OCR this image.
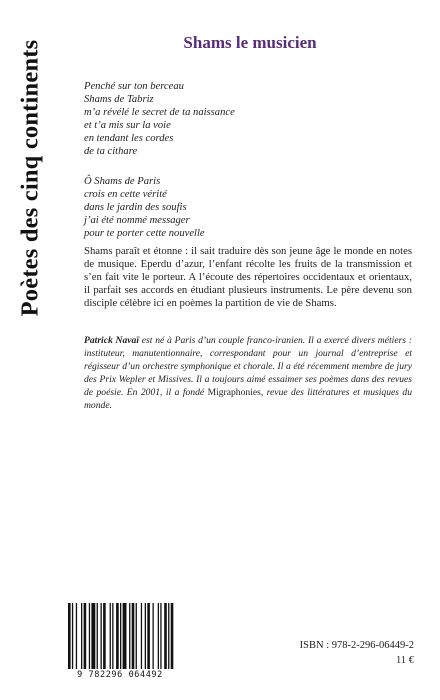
Poètes des cinq continents	Shams le musicien
Penché sur ton berceau
Shams de Tabriz
m’a révélé le secret de ta naissance
et t’a mis sur la voie
en tendant les cordes
de ta cithare
Ô Shams de Paris
crois en cette vérité
dans le jardin des soufis
j’ai été nommé messager
pour te porter cette nouvelle

Shams paraît et étonne : il sait traduire dès son jeune âge le monde en notes de musique. Eperdu d’azur, l’enfant récolte les fruits de la transmission et s’en fait vite le porteur. A l’écoute des répertoires occidentaux et orientaux, il parfait ses accords en étudiant plusieurs instruments. Le père devenu son disciple célèbre ici en poèmes la partition de vie de Shams.

Patrick Navaï est né à Paris d’un couple franco-iranien. Il a exercé divers métiers : instituteur, manutentionnaire, correspondant pour un journal d’entreprise et régisseur d’un orchestre symphonique et chorale. Il a été récemment membre de jury des Prix Wepler et Missives. Il a toujours aimé essaimer ses poèmes dans des revues de poésie. En 2001, il a fondé Migraphonies, revue des littératures et musiques du monde.

9 782296 064492

ISBN : 978-2-296-06449-2

11 €
